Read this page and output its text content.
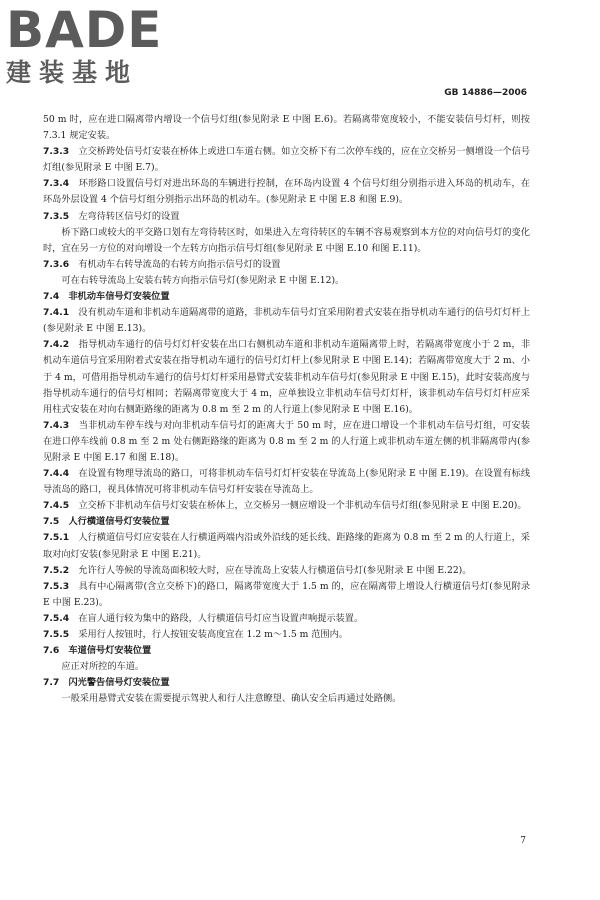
BADE
建装基地
GB 14886—2006

50 m 时，应在进口隔离带内增设一个信号灯组(参见附录 E 中图 E.6)。若隔离带宽度较小，不能安装信号灯杆，则按 7.3.1 规定安装。

7.3.3　 立交桥跨处信号灯安装在桥体上或进口车道右侧。如立交桥下有二次停车线的，应在立交桥另一侧增设一个信号灯组(参见附录 E 中图 E.7)。

7.3.4　 环形路口设置信号灯对进出环岛的车辆进行控制，在环岛内设置 4 个信号灯组分别指示进入环岛的机动车，在环岛外层设置 4 个信号灯组分别指示出环岛的机动车。(参见附录 E 中图 E.8 和图 E.9)。

7.3.5　 左弯待转区信号灯的设置

桥下路口或较大的平交路口划有左弯待转区时，如果进入左弯待转区的车辆不容易观察到本方位的对向信号灯的变化时，宜在另一方位的对向增设一个左转方向指示信号灯组(参见附录 E 中图 E.10 和图 E.11)。

7.3.6　 有机动车右转导流岛的右转方向指示信号灯的设置

可在右转导流岛上安装右转方向指示信号灯(参见附录 E 中图 E.12)。

7.4　 非机动车信号灯安装位置

7.4.1　 没有机动车道和非机动车道隔离带的道路，非机动车信号灯宜采用附着式安装在指导机动车通行的信号灯灯杆上(参见附录 E 中图 E.13)。

7.4.2　 指导机动车通行的信号灯灯杆安装在出口右侧机动车道和非机动车道隔离带上时，若隔离带宽度小于 2 m，非机动车道信号宜采用附着式安装在指导机动车通行的信号灯灯杆上(参见附录 E 中图 E.14)；若隔离带宽度大于 2 m、小于 4 m，可借用指导机动车通行的信号灯灯杆采用悬臂式安装非机动车信号灯(参见附录 E 中图 E.15)，此时安装高度与指导机动车通行的信号灯相同；若隔离带宽度大于 4 m，应单独设立非机动车信号灯灯杆，该非机动车信号灯灯杆应采用柱式安装在对向右侧距路缘的距离为 0.8 m 至 2 m 的人行道上(参见附录 E 中图 E.16)。

7.4.3　 当非机动车停车线与对向非机动车信号灯的距离大于 50 m 时，应在进口增设一个非机动车信号灯组，可安装在进口停车线前 0.8 m 至 2 m 处右侧距路缘的距离为 0.8 m 至 2 m 的人行道上或非机动车道左侧的机非隔离带内(参见附录 E 中图 E.17 和图 E.18)。

7.4.4　 在设置有物理导流岛的路口，可将非机动车信号灯灯杆安装在导流岛上(参见附录 E 中图 E.19)。在设置有标线导流岛的路口，视具体情况可将非机动车信号灯杆安装在导流岛上。

7.4.5　 立交桥下非机动车信号灯安装在桥体上，立交桥另一侧应增设一个非机动车信号灯组(参见附录 E 中图 E.20)。

7.5　 人行横道信号灯安装位置

7.5.1　 人行横道信号灯应安装在人行横道两端内沿或外沿线的延长线、距路缘的距离为 0.8 m 至 2 m 的人行道上，采取对向灯安装(参见附录 E 中图 E.21)。

7.5.2　 允许行人等候的导流岛面积较大时，应在导流岛上安装人行横道信号灯(参见附录 E 中图 E.22)。

7.5.3　 具有中心隔离带(含立交桥下)的路口，隔离带宽度大于 1.5 m 的，应在隔离带上增设人行横道信号灯(参见附录 E 中图 E.23)。

7.5.4　 在盲人通行较为集中的路段，人行横道信号灯应当设置声响提示装置。

7.5.5　 采用行人按钮时，行人按钮安装高度宜在 1.2 m～1.5 m 范围内。

7.6　 车道信号灯安装位置

应正对所控的车道。

7.7　 闪光警告信号灯安装位置

一般采用悬臂式安装在需要提示驾驶人和行人注意瞭望、确认安全后再通过处路侧。

7
